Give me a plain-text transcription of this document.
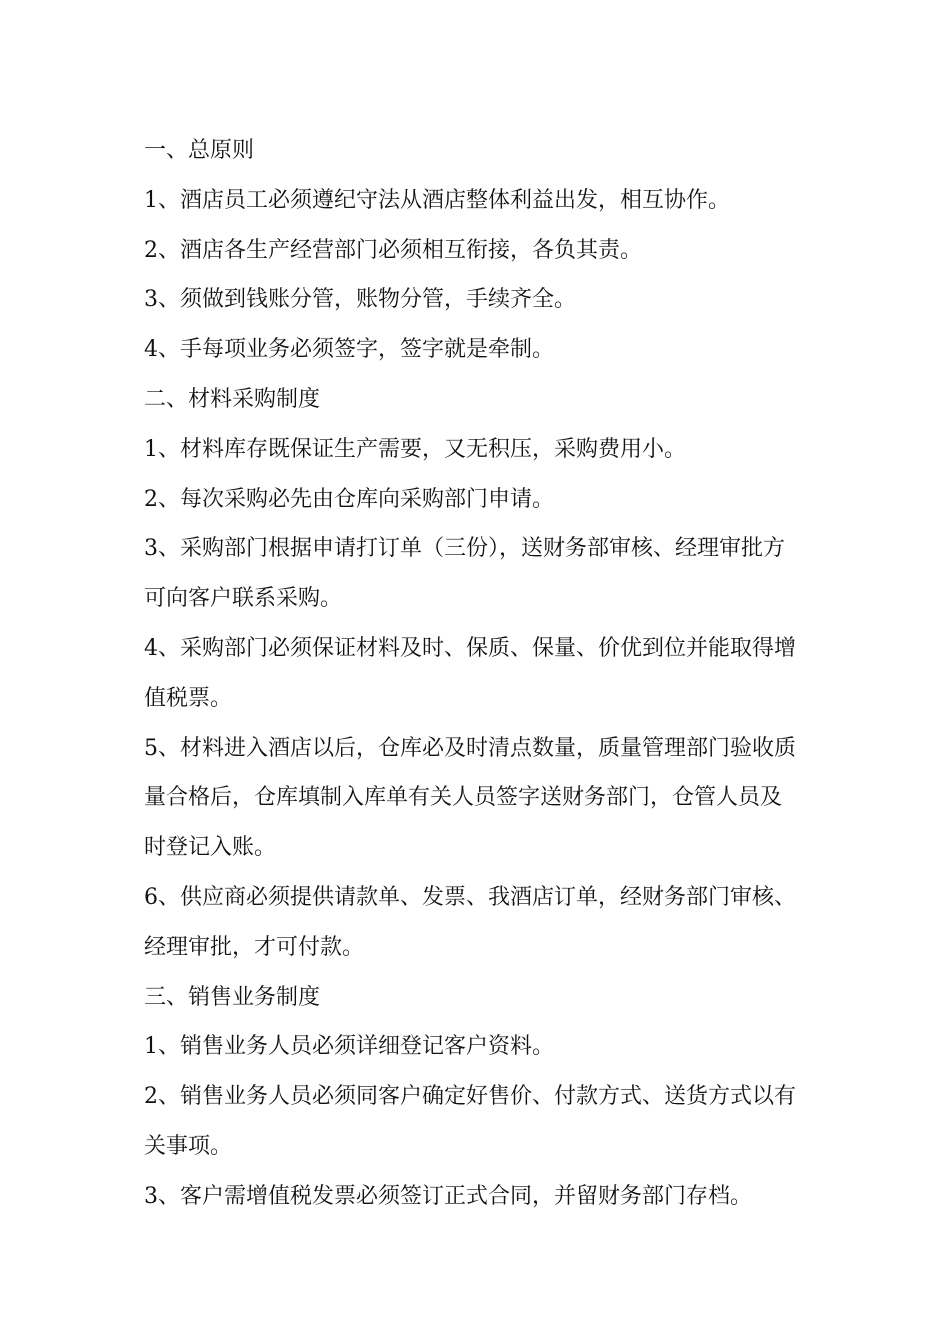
一、总原则
1、酒店员工必须遵纪守法从酒店整体利益出发，相互协作。
2、酒店各生产经营部门必须相互衔接，各负其责。
3、须做到钱账分管，账物分管，手续齐全。
4、手每项业务必须签字，签字就是牵制。
二、材料采购制度
1、材料库存既保证生产需要，又无积压，采购费用小。
2、每次采购必先由仓库向采购部门申请。
3、采购部门根据申请打订单（三份），送财务部审核、经理审批方
可向客户联系采购。
4、采购部门必须保证材料及时、保质、保量、价优到位并能取得增
值税票。
5、材料进入酒店以后，仓库必及时清点数量，质量管理部门验收质
量合格后，仓库填制入库单有关人员签字送财务部门，仓管人员及
时登记入账。
6、供应商必须提供请款单、发票、我酒店订单，经财务部门审核、
经理审批，才可付款。
三、销售业务制度
1、销售业务人员必须详细登记客户资料。
2、销售业务人员必须同客户确定好售价、付款方式、送货方式以有
关事项。
3、客户需增值税发票必须签订正式合同，并留财务部门存档。
